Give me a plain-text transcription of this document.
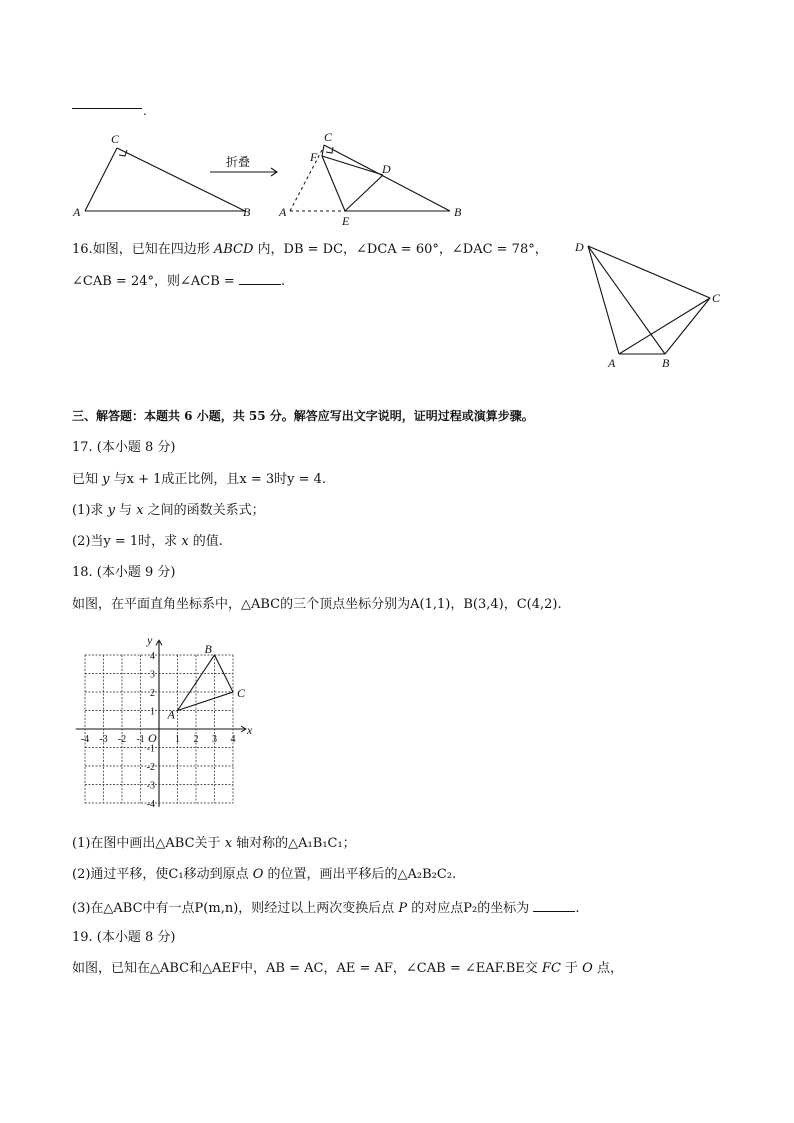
.
C
A	B
折叠
C
F
D
A
E
B
16.如图，已知在四边形 ABCD 内，DB = DC，∠DCA = 60°，∠DAC = 78°，
∠CAB = 24°，则∠ACB =	.
D
C
A	B
三、解答题：本题共 6 小题，共 55 分。解答应写出文字说明，证明过程或演算步骤。
17. (本小题 8 分)
已知 y 与x + 1成正比例，且x = 3时y = 4.
(1)求 y 与 x 之间的函数关系式；
(2)当y = 1时，求 x 的值.
18. (本小题 9 分)
如图，在平面直角坐标系中，△ABC的三个顶点坐标分别为A(1,1)，B(3,4)，C(4,2).
x
y
O
-4 -3 -2 -1	1 2 3 4
4
3
2
1
-1
-2
-3
-4
A
B
C
(1)在图中画出△ABC关于 x 轴对称的△A₁B₁C₁；
(2)通过平移，使C₁移动到原点 O 的位置，画出平移后的△A₂B₂C₂.
(3)在△ABC中有一点P(m,n)，则经过以上两次变换后点 P 的对应点P₂的坐标为	.
19. (本小题 8 分)
如图，已知在△ABC和△AEF中，AB = AC，AE = AF，∠CAB = ∠EAF.BE交 FC 于 O 点，
